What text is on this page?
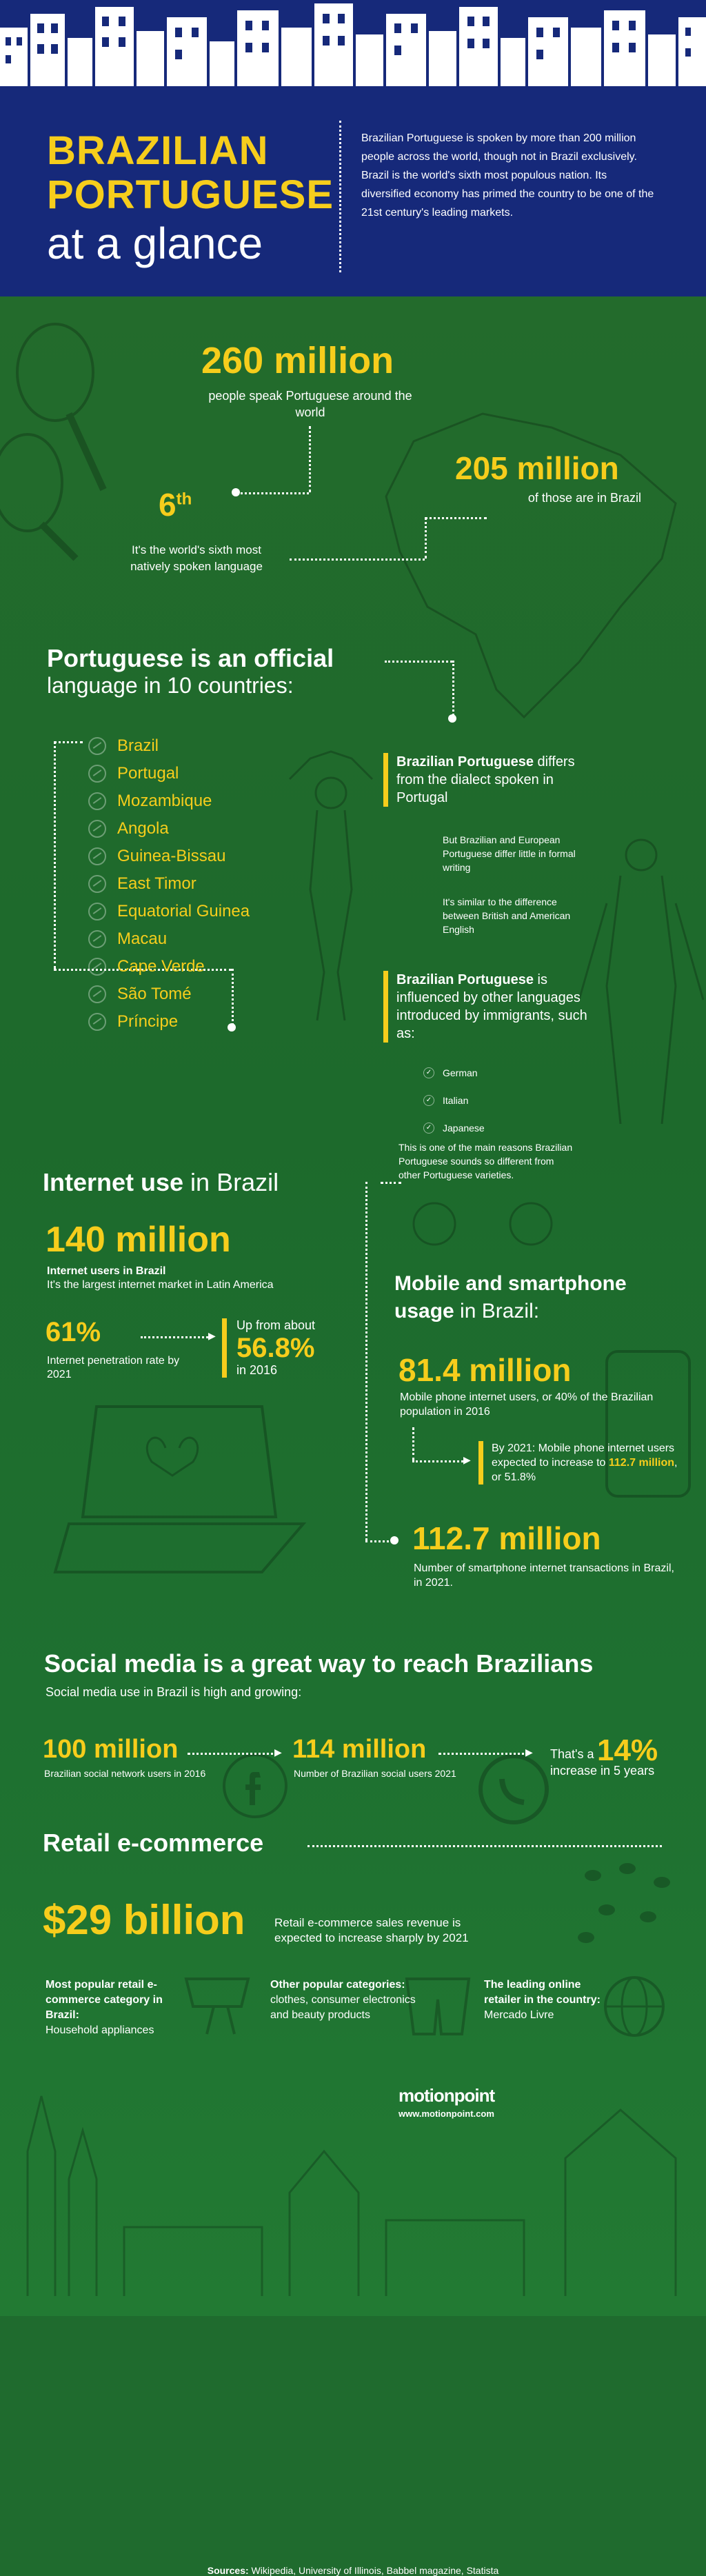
BRAZILIAN
PORTUGUESE
at a glance
Brazilian Portuguese is spoken by more than 200 million people across the world, though not in Brazil exclusively. Brazil is the world's sixth most populous nation. Its diversified economy has primed the country to be one of the 21st century's leading markets.
260 million
people speak Portuguese around the world
6th
It's the world's sixth most natively spoken language
205 million
of those are in Brazil
Portuguese is an official
language in 10 countries:
Brazil
Portugal
Mozambique
Angola
Guinea-Bissau
East Timor
Equatorial Guinea
Macau
Cape Verde
São Tomé
Príncipe
Brazilian Portuguese differs from the dialect spoken in Portugal
But Brazilian and European Portuguese differ little in formal writing
It's similar to the difference between British and American English
Brazilian Portuguese is influenced by other languages introduced by immigrants, such as:
✓ German
✓ Italian
✓ Japanese
This is one of the main reasons Brazilian Portuguese sounds so different from other Portuguese varieties.
Internet use in Brazil
140 million
Internet users in Brazil
It's the largest internet market in Latin America
61%
Internet penetration rate by 2021
▶
Up from about
56.8%
in 2016
Mobile and smartphone usage in Brazil:
81.4 million
Mobile phone internet users, or 40% of the Brazilian population in 2016
▶
By 2021: Mobile phone internet users expected to increase to 112.7 million, or 51.8%
112.7 million
Number of smartphone internet transactions in Brazil, in 2021.
Social media is a great way to reach Brazilians
Social media use in Brazil is high and growing:
100 million
Brazilian social network users in 2016
▶ 114 million
Number of Brazilian social users 2021
▶ That's a 14%
increase in 5 years
Retail e-commerce
$29 billion	Retail e-commerce sales revenue is expected to increase sharply by 2021
Most popular retail e-commerce category in Brazil:
Household appliances
Other popular categories: clothes, consumer electronics and beauty products
The leading online retailer in the country:
Mercado Livre
motionpoint
www.motionpoint.com
Sources: Wikipedia, University of Illinois, Babbel magazine, Statista
